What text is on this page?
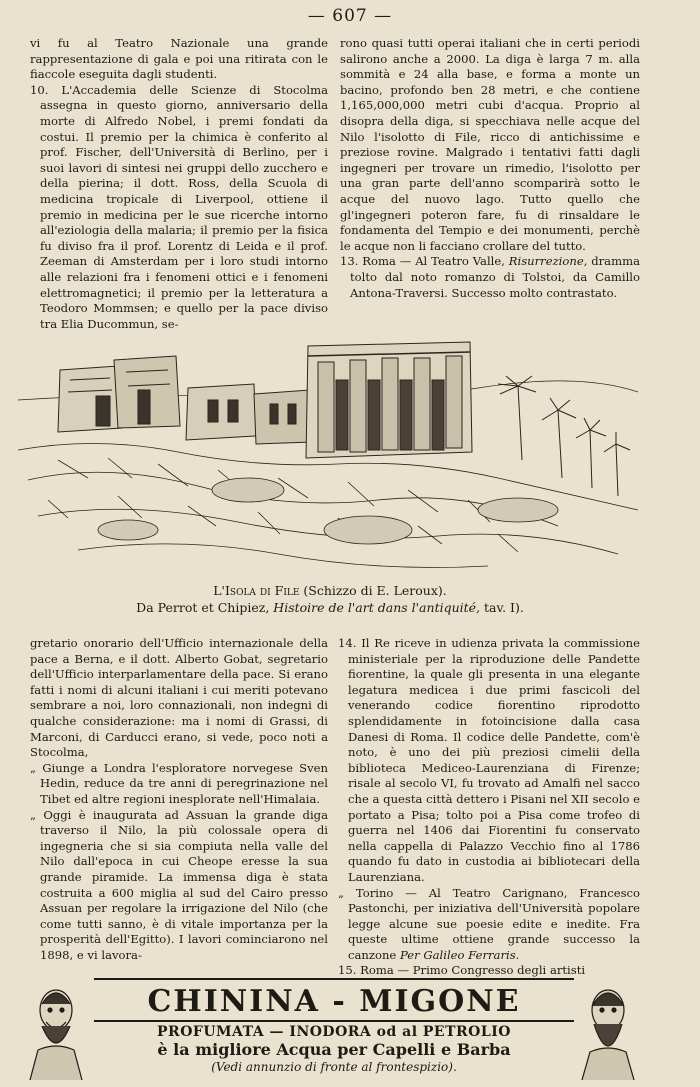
— 607 —

vi fu al Teatro Nazionale una grande rappresentazione di gala e poi una ritirata con le fiaccole eseguita dagli studenti.

10. L'Accademia delle Scienze di Stocolma assegna in questo giorno, anniversario della morte di Alfredo Nobel, i premi fondati da costui. Il premio per la chimica è conferito al prof. Fischer, dell'Università di Berlino, per i suoi lavori di sintesi nei gruppi dello zucchero e della pierina; il dott. Ross, della Scuola di medicina tropicale di Liverpool, ottiene il premio in medicina per le sue ricerche intorno all'eziologia della malaria; il premio per la fisica fu diviso fra il prof. Lorentz di Leida e il prof. Zeeman di Amsterdam per i loro studi intorno alle relazioni fra i fenomeni ottici e i fenomeni elettromagnetici; il premio per la letteratura a Teodoro Mommsen; e quello per la pace diviso tra Elia Ducommun, se-

rono quasi tutti operai italiani che in certi periodi salirono anche a 2000. La diga è larga 7 m. alla sommità e 24 alla base, e forma a monte un bacino, profondo ben 28 metri, e che contiene 1,165,000,000 metri cubi d'acqua. Proprio al disopra della diga, si specchiava nelle acque del Nilo l'isolotto di File, ricco di antichissime e preziose rovine. Malgrado i tentativi fatti dagli ingegneri per trovare un rimedio, l'isolotto per una gran parte dell'anno scomparirà sotto le acque del nuovo lago. Tutto quello che gl'ingegneri poteron fare, fu di rinsaldare le fondamenta del Tempio e dei monumenti, perchè le acque non li facciano crollare del tutto.

13. Roma — Al Teatro Valle, Risurrezione, dramma tolto dal noto romanzo di Tolstoi, da Camillo Antona-Traversi. Successo molto contrastato.

L'Isola di File (Schizzo di E. Leroux).
Da Perrot et Chipiez, Histoire de l'art dans l'antiquité, tav. I).

gretario onorario dell'Ufficio internazionale della pace a Berna, e il dott. Alberto Gobat, segretario dell'Ufficio interparlamentare della pace. Si erano fatti i nomi di alcuni italiani i cui meriti potevano sembrare a noi, loro connazionali, non indegni di qualche considerazione: ma i nomi di Grassi, di Marconi, di Carducci erano, si vede, poco noti a Stocolma,

„ Giunge a Londra l'esploratore norvegese Sven Hedin, reduce da tre anni di peregrinazione nel Tibet ed altre regioni inesplorate nell'Himalaia.

„ Oggi è inaugurata ad Assuan la grande diga traverso il Nilo, la più colossale opera di ingegneria che si sia compiuta nella valle del Nilo dall'epoca in cui Cheope eresse la sua grande piramide. La immensa diga è stata costruita a 600 miglia al sud del Cairo presso Assuan per regolare la irrigazione del Nilo (che come tutti sanno, è di vitale importanza per la prosperità dell'Egitto). I lavori cominciarono nel 1898, e vi lavora-

14. Il Re riceve in udienza privata la commissione ministeriale per la riproduzione delle Pandette fiorentine, la quale gli presenta in una elegante legatura medicea i due primi fascicoli del venerando codice fiorentino riprodotto splendidamente in fotoincisione dalla casa Danesi di Roma. Il codice delle Pandette, com'è noto, è uno dei più preziosi cimelii della biblioteca Mediceo-Laurenziana di Firenze; risale al secolo VI, fu trovato ad Amalfi nel sacco che a questa città dettero i Pisani nel XII secolo e portato a Pisa; tolto poi a Pisa come trofeo di guerra nel 1406 dai Fiorentini fu conservato nella cappella di Palazzo Vecchio fino al 1786 quando fu dato in custodia ai bibliotecari della Laurenziana.

„ Torino — Al Teatro Carignano, Francesco Pastonchi, per iniziativa dell'Università popolare legge alcune sue poesie edite e inedite. Fra queste ultime ottiene grande successo la canzone Per Galileo Ferraris.

15. Roma — Primo Congresso degli artisti

CHININA - MIGONE
PROFUMATA — INODORA od al PETROLIO
è la migliore Acqua per Capelli e Barba
(Vedi annunzio di fronte al frontespizio).
